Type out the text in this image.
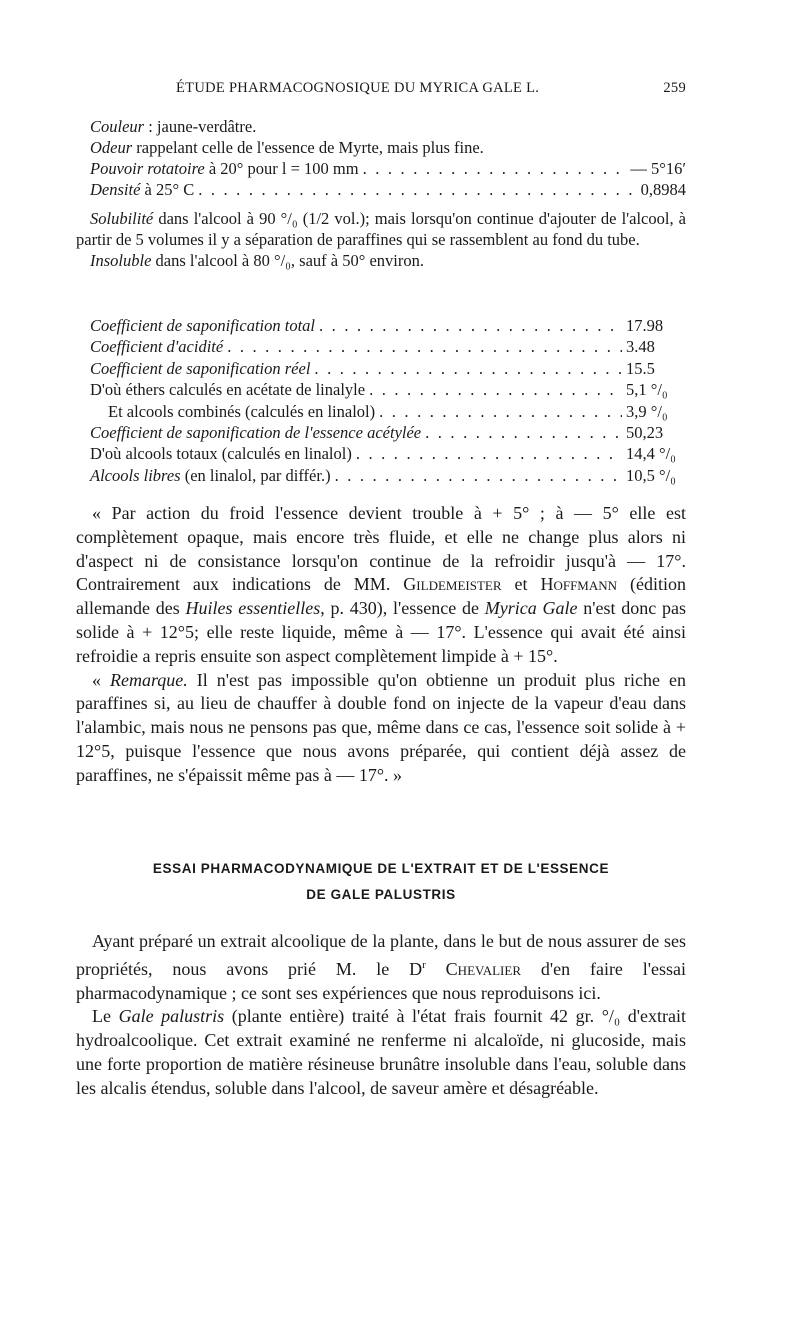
ÉTUDE PHARMACOGNOSIQUE DU MYRICA GALE L.	259
Couleur : jaune-verdâtre.
Odeur rappelant celle de l'essence de Myrte, mais plus fine.
Pouvoir rotatoire à 20° pour l = 100 mm . . .	— 5°16′
Densité à 25° C . . .	0,8984

Solubilité dans l'alcool à 90 °/₀ (1/2 vol.); mais lorsqu'on continue d'ajouter de l'alcool, à partir de 5 volumes il y a séparation de paraffines qui se rassemblent au fond du tube.

Insoluble dans l'alcool à 80 °/₀, sauf à 50° environ.

Coefficient de saponification total . . .	17.98
Coefficient d'acidité . . .	3.48
Coefficient de saponification réel . . .	15.5
D'où éthers calculés en acétate de linalyle . . .	5,1 °/₀
Et alcools combinés (calculés en linalol) . . .	3,9 °/₀
Coefficient de saponification de l'essence acétylée . . .	50,23
D'où alcools totaux (calculés en linalol) . . .	14,4 °/₀
Alcools libres (en linalol, par différ.) . . .	10,5 °/₀

« Par action du froid l'essence devient trouble à + 5° ; à — 5° elle est complètement opaque, mais encore très fluide, et elle ne change plus alors ni d'aspect ni de consistance lorsqu'on continue de la refroidir jusqu'à — 17°. Contrairement aux indications de MM. Gildemeister et Hoffmann (édition allemande des Huiles essentielles, p. 430), l'essence de Myrica Gale n'est donc pas solide à + 12°5; elle reste liquide, même à — 17°. L'essence qui avait été ainsi refroidie a repris ensuite son aspect complètement limpide à + 15°.

« Remarque. Il n'est pas impossible qu'on obtienne un produit plus riche en paraffines si, au lieu de chauffer à double fond on injecte de la vapeur d'eau dans l'alambic, mais nous ne pensons pas que, même dans ce cas, l'essence soit solide à + 12°5, puisque l'essence que nous avons préparée, qui contient déjà assez de paraffines, ne s'épaissit même pas à — 17°. »

ESSAI PHARMACODYNAMIQUE DE L'EXTRAIT ET DE L'ESSENCE
DE GALE PALUSTRIS

Ayant préparé un extrait alcoolique de la plante, dans le but de nous assurer de ses propriétés, nous avons prié M. le $D^r$ Chevalier d'en faire l'essai pharmacodynamique ; ce sont ses expériences que nous reproduisons ici.

Le Gale palustris (plante entière) traité à l'état frais fournit 42 gr. °/₀ d'extrait hydroalcoolique. Cet extrait examiné ne renferme ni alcaloïde, ni glucoside, mais une forte proportion de matière résineuse brunâtre insoluble dans l'eau, soluble dans les alcalis étendus, soluble dans l'alcool, de saveur amère et désagréable.
